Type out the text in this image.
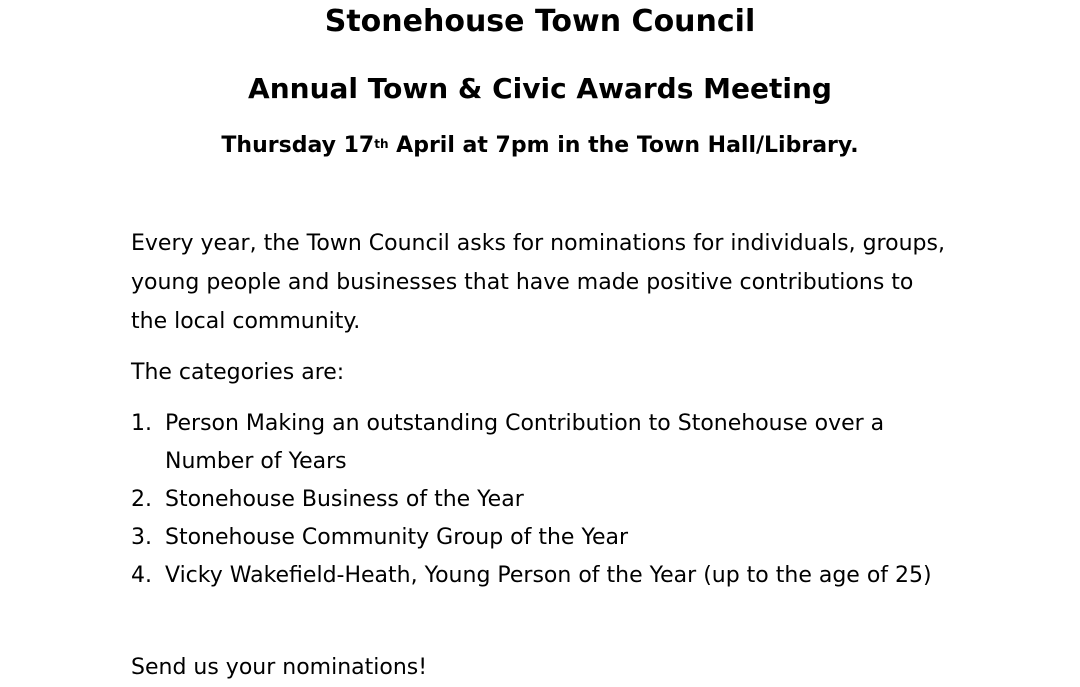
Stonehouse Town Council
Annual Town & Civic Awards Meeting
Thursday 17th April at 7pm in the Town Hall/Library.

Every year, the Town Council asks for nominations for individuals, groups, young people and businesses that have made positive contributions to the local community.

The categories are:

1. Person Making an outstanding Contribution to Stonehouse over a Number of Years
2. Stonehouse Business of the Year
3. Stonehouse Community Group of the Year
4. Vicky Wakefield-Heath, Young Person of the Year (up to the age of 25)

Send us your nominations!
